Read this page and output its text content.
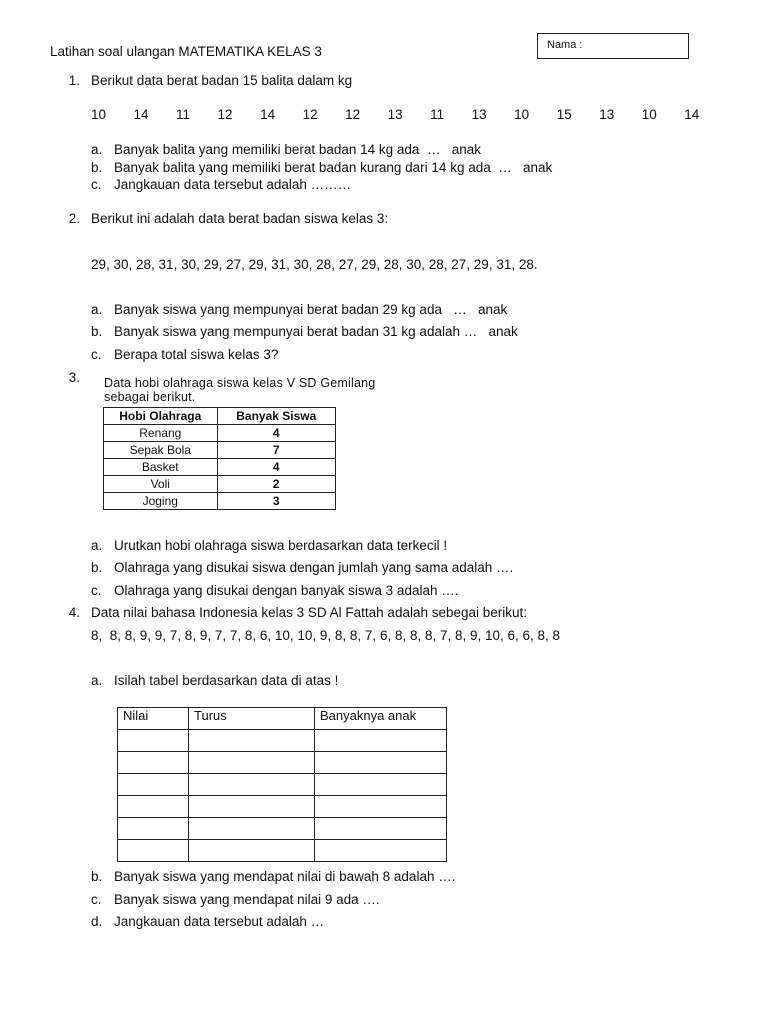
Latihan soal ulangan MATEMATIKA KELAS 3	Nama :
1. Berikut data berat badan 15 balita dalam kg
10  14  11  12  14  12  12  13  11  13  10  15  13  10  14
a. Banyak balita yang memiliki berat badan 14 kg ada  …   anak
b. Banyak balita yang memiliki berat badan kurang dari 14 kg ada  …   anak
c. Jangkauan data tersebut adalah ………
2. Berikut ini adalah data berat badan siswa kelas 3:
29, 30, 28, 31, 30, 29, 27, 29, 31, 30, 28, 27, 29, 28, 30, 28, 27, 29, 31, 28.
a. Banyak siswa yang mempunyai berat badan 29 kg ada   …   anak
b. Banyak siswa yang mempunyai berat badan 31 kg adalah …   anak
c. Berapa total siswa kelas 3?
3. Data hobi olahraga siswa kelas V SD Gemilang
sebagai berikut.
Hobi Olahraga	Banyak Siswa
Renang	4
Sepak Bola	7
Basket	4
Voli	2
Joging	3
a. Urutkan hobi olahraga siswa berdasarkan data terkecil !
b. Olahraga yang disukai siswa dengan jumlah yang sama adalah ….
c. Olahraga yang disukai dengan banyak siswa 3 adalah ….
4. Data nilai bahasa Indonesia kelas 3 SD Al Fattah adalah sebegai berikut:
8,  8, 8, 9, 9, 7, 8, 9, 7, 7, 8, 6, 10, 10, 9, 8, 8, 7, 6, 8, 8, 8, 7, 8, 9, 10, 6, 6, 8, 8
a. Isilah tabel berdasarkan data di atas !
Nilai	Turus	Banyaknya anak

b. Banyak siswa yang mendapat nilai di bawah 8 adalah ….
c. Banyak siswa yang mendapat nilai 9 ada ….
d. Jangkauan data tersebut adalah …
